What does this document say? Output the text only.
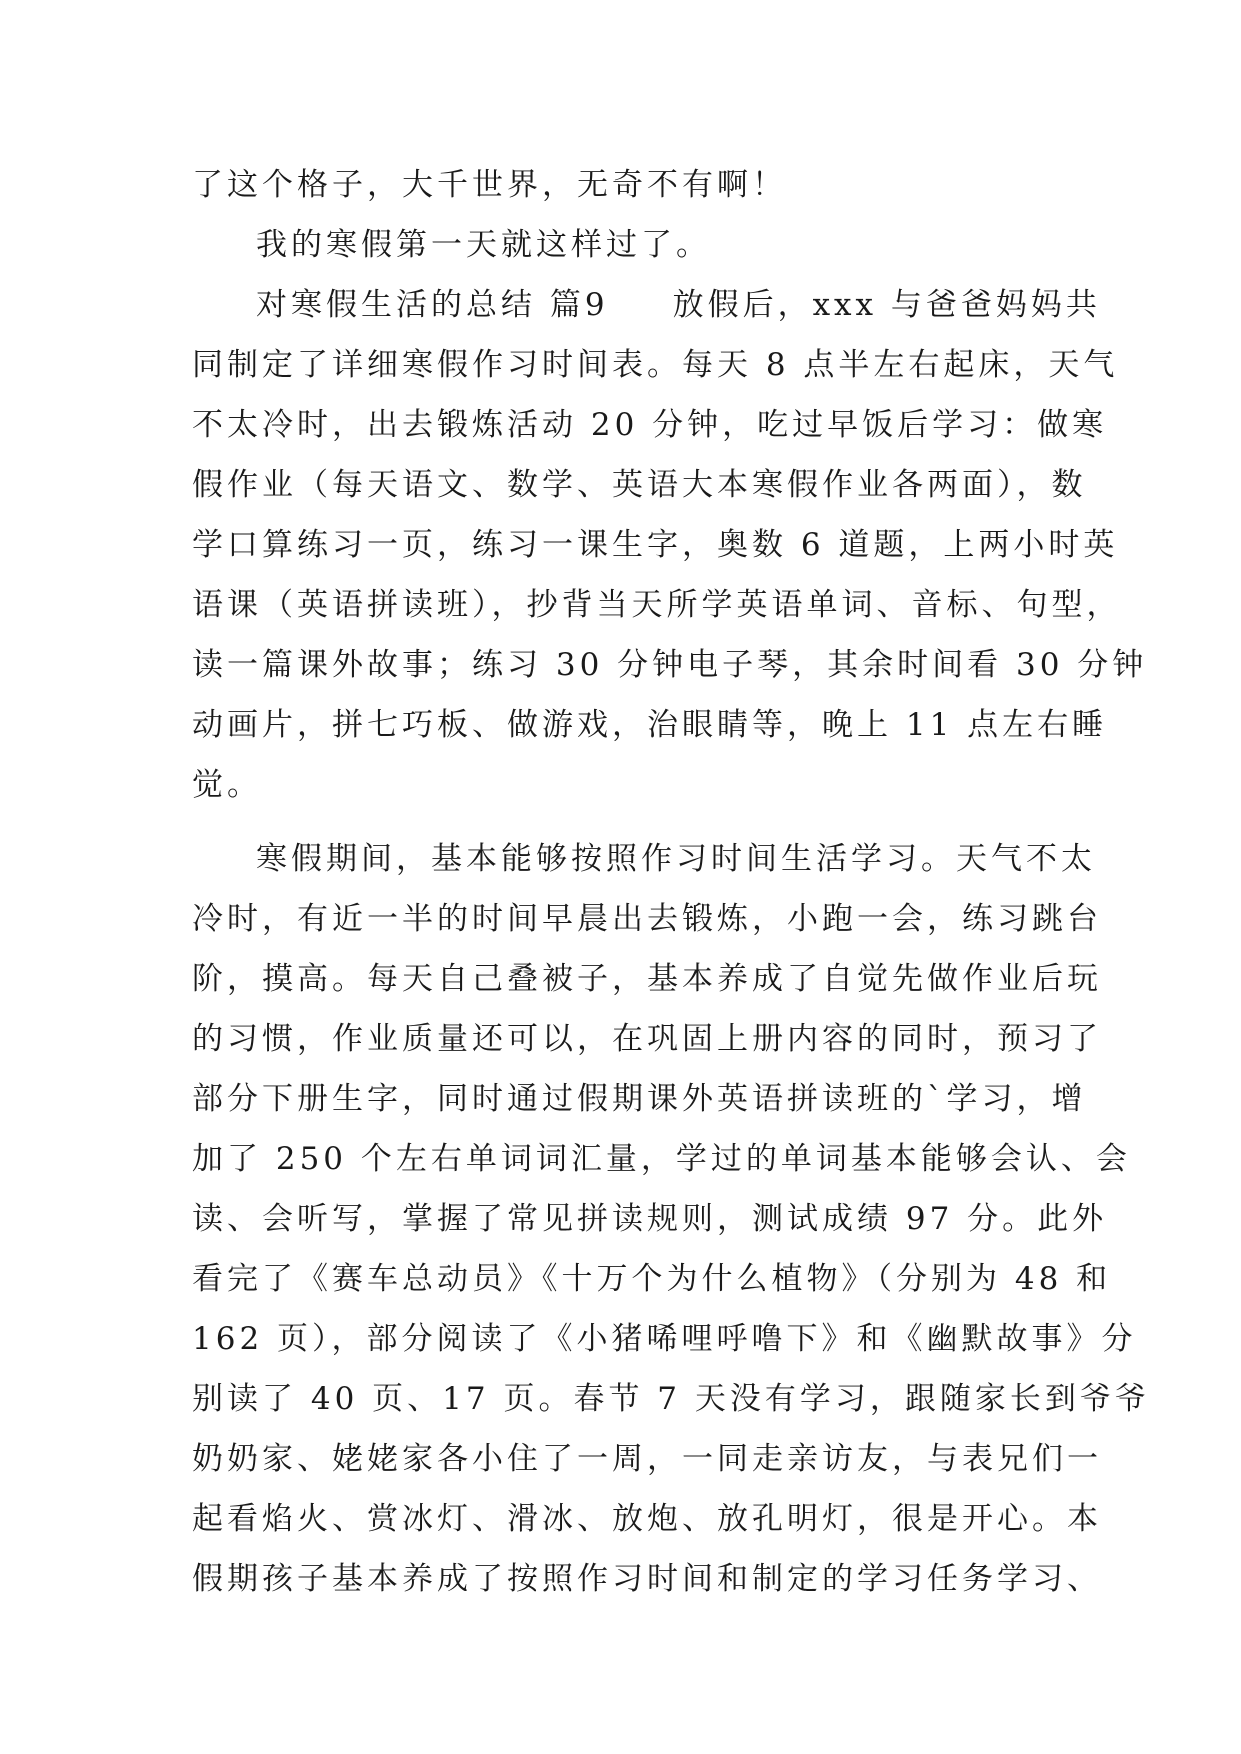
了这个格子，大千世界，无奇不有啊！
我的寒假第一天就这样过了。
对寒假生活的总结 篇9 放假后，xxx 与爸爸妈妈共
同制定了详细寒假作习时间表。每天 8 点半左右起床，天气
不太冷时，出去锻炼活动 20 分钟，吃过早饭后学习：做寒
假作业（每天语文、数学、英语大本寒假作业各两面），数
学口算练习一页，练习一课生字，奥数 6 道题，上两小时英
语课（英语拼读班），抄背当天所学英语单词、音标、句型，
读一篇课外故事；练习 30 分钟电子琴，其余时间看 30 分钟
动画片，拼七巧板、做游戏，治眼睛等，晚上 11 点左右睡
觉。
寒假期间，基本能够按照作习时间生活学习。天气不太
冷时，有近一半的时间早晨出去锻炼，小跑一会，练习跳台
阶，摸高。每天自己叠被子，基本养成了自觉先做作业后玩
的习惯，作业质量还可以，在巩固上册内容的同时，预习了
部分下册生字，同时通过假期课外英语拼读班的`学习，增
加了 250 个左右单词词汇量，学过的单词基本能够会认、会
读、会听写，掌握了常见拼读规则，测试成绩 97 分。此外
看完了《赛车总动员》《十万个为什么植物》（分别为 48 和
162 页），部分阅读了《小猪唏哩呼噜下》和《幽默故事》分
别读了 40 页、17 页。春节 7 天没有学习，跟随家长到爷爷
奶奶家、姥姥家各小住了一周，一同走亲访友，与表兄们一
起看焰火、赏冰灯、滑冰、放炮、放孔明灯，很是开心。本
假期孩子基本养成了按照作习时间和制定的学习任务学习、
